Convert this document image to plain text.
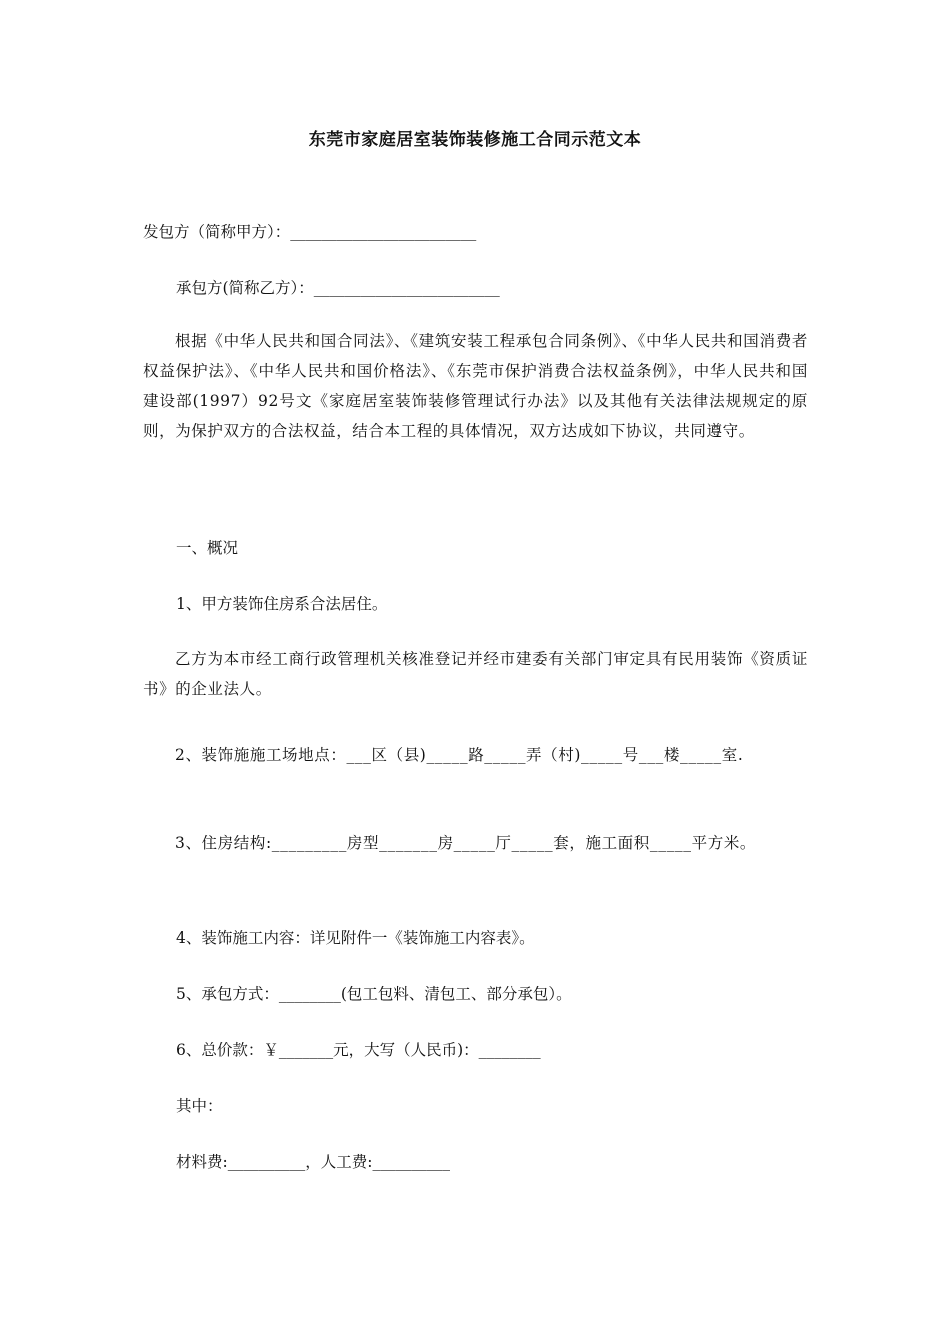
东莞市家庭居室装饰装修施工合同示范文本
发包方（简称甲方）：________________________
承包方(简称乙方）：________________________
根据《中华人民共和国合同法》、《建筑安装工程承包合同条例》、《中华人民共和国消费者权益保护法》、《中华人民共和国价格法》、《东莞市保护消费合法权益条例》，中华人民共和国建设部(1997）92号文《家庭居室装饰装修管理试行办法》以及其他有关法律法规规定的原则，为保护双方的合法权益，结合本工程的具体情况，双方达成如下协议，共同遵守。
一、概况
1、甲方装饰住房系合法居住。
乙方为本市经工商行政管理机关核准登记并经市建委有关部门审定具有民用装饰《资质证书》的企业法人。
2、装饰施施工场地点：___区（县)_____路_____弄（村)_____号___楼_____室.
3、住房结构:_________房型_______房_____厅_____套，施工面积_____平方米。
4、装饰施工内容：详见附件一《装饰施工内容表》。
5、承包方式：________(包工包料、清包工、部分承包）。
6、总价款：￥_______元，大写（人民币)：________
其中：
材料费:__________，人工费:__________
